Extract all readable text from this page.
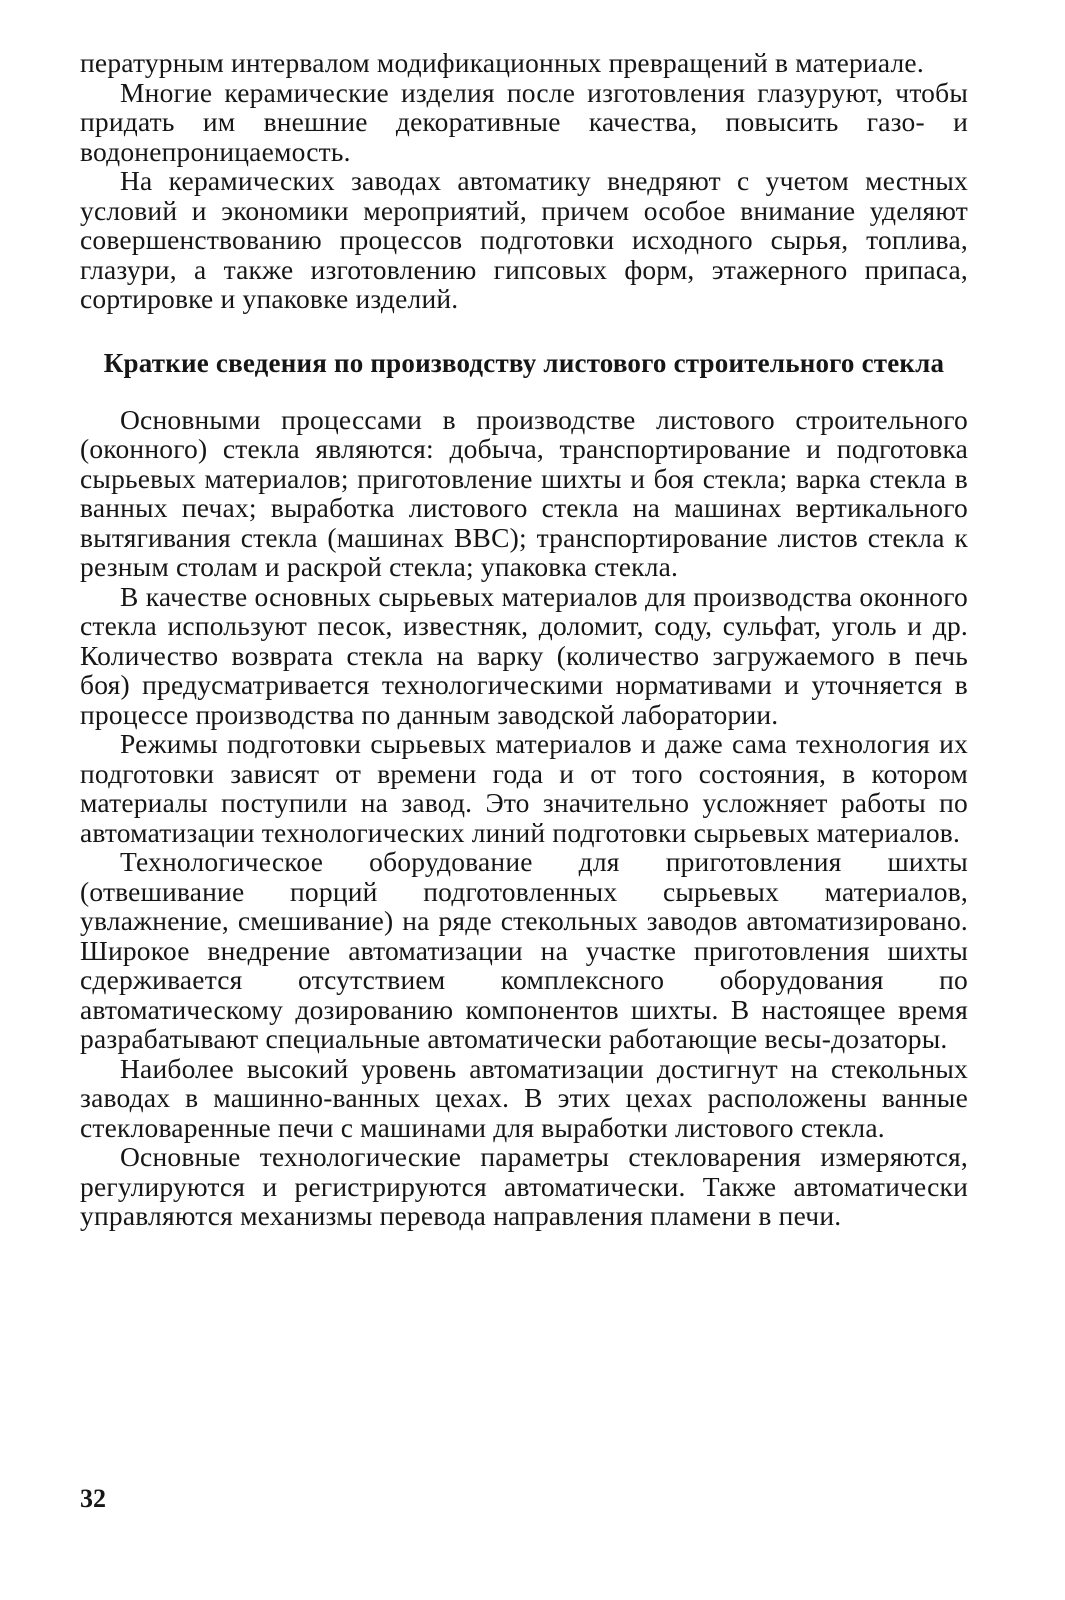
пературным интервалом модификационных превращений в материале.

Многие керамические изделия после изготовления глазуруют, чтобы придать им внешние декоративные качества, повысить газо- и водонепроницаемость.

На керамических заводах автоматику внедряют с учетом местных условий и экономики мероприятий, причем особое внимание уделяют совершенствованию процессов подготовки исходного сырья, топлива, глазури, а также изготовлению гипсовых форм, этажерного припаса, сортировке и упаковке изделий.

Краткие сведения по производству листового строительного стекла

Основными процессами в производстве листового строительного (оконного) стекла являются: добыча, транспортирование и подготовка сырьевых материалов; приготовление шихты и боя стекла; варка стекла в ванных печах; выработка листового стекла на машинах вертикального вытягивания стекла (машинах ВВС); транспортирование листов стекла к резным столам и раскрой стекла; упаковка стекла.

В качестве основных сырьевых материалов для производства оконного стекла используют песок, известняк, доломит, соду, сульфат, уголь и др. Количество возврата стекла на варку (количество загружаемого в печь боя) предусматривается технологическими нормативами и уточняется в процессе производства по данным заводской лаборатории.

Режимы подготовки сырьевых материалов и даже сама технология их подготовки зависят от времени года и от того состояния, в котором материалы поступили на завод. Это значительно усложняет работы по автоматизации технологических линий подготовки сырьевых материалов.

Технологическое оборудование для приготовления шихты (отвешивание порций подготовленных сырьевых материалов, увлажнение, смешивание) на ряде стекольных заводов автоматизировано. Широкое внедрение автоматизации на участке приготовления шихты сдерживается отсутствием комплексного оборудования по автоматическому дозированию компонентов шихты. В настоящее время разрабатывают специальные автоматически работающие весы-дозаторы.

Наиболее высокий уровень автоматизации достигнут на стекольных заводах в машинно-ванных цехах. В этих цехах расположены ванные стекловаренные печи с машинами для выработки листового стекла.

Основные технологические параметры стекловарения измеряются, регулируются и регистрируются автоматически. Также автоматически управляются механизмы перевода направления пламени в печи.

32
